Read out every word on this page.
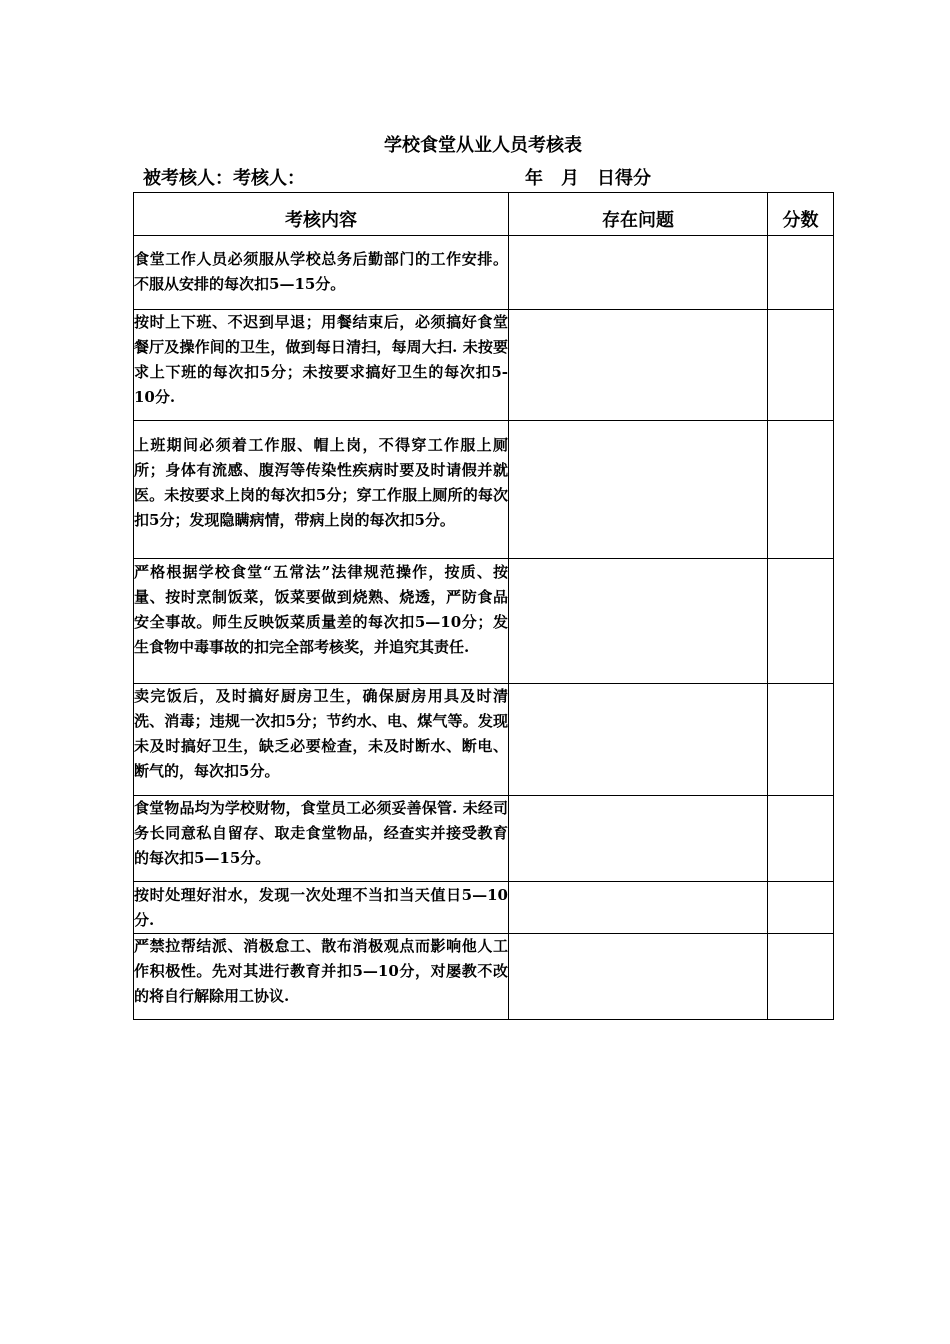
学校食堂从业人员考核表
被考核人：考核人：	年　月　日得分
考核内容	存在问题	分数
食堂工作人员必须服从学校总务后勤部门的工作安排。不服从安排的每次扣5—15分。		
按时上下班、不迟到早退；用餐结束后，必须搞好食堂餐厅及操作间的卫生，做到每日清扫，每周大扫. 未按要求上下班的每次扣5分；未按要求搞好卫生的每次扣5-10分.		
上班期间必须着工作服、帽上岗，不得穿工作服上厕所；身体有流感、腹泻等传染性疾病时要及时请假并就医。未按要求上岗的每次扣5分；穿工作服上厕所的每次扣5分；发现隐瞒病情，带病上岗的每次扣5分。		
严格根据学校食堂“五常法”法律规范操作，按质、按量、按时烹制饭菜，饭菜要做到烧熟、烧透，严防食品安全事故。师生反映饭菜质量差的每次扣5—10分；发生食物中毒事故的扣完全部考核奖，并追究其责任.		
卖完饭后，及时搞好厨房卫生，确保厨房用具及时清洗、消毒；违规一次扣5分；节约水、电、煤气等。发现未及时搞好卫生，缺乏必要检查，未及时断水、断电、断气的，每次扣5分。		
食堂物品均为学校财物，食堂员工必须妥善保管. 未经司务长同意私自留存、取走食堂物品，经查实并接受教育的每次扣5—15分。		
按时处理好泔水，发现一次处理不当扣当天值日5—10分.		
严禁拉帮结派、消极怠工、散布消极观点而影响他人工作积极性。先对其进行教育并扣5—10分，对屡教不改的将自行解除用工协议.		
